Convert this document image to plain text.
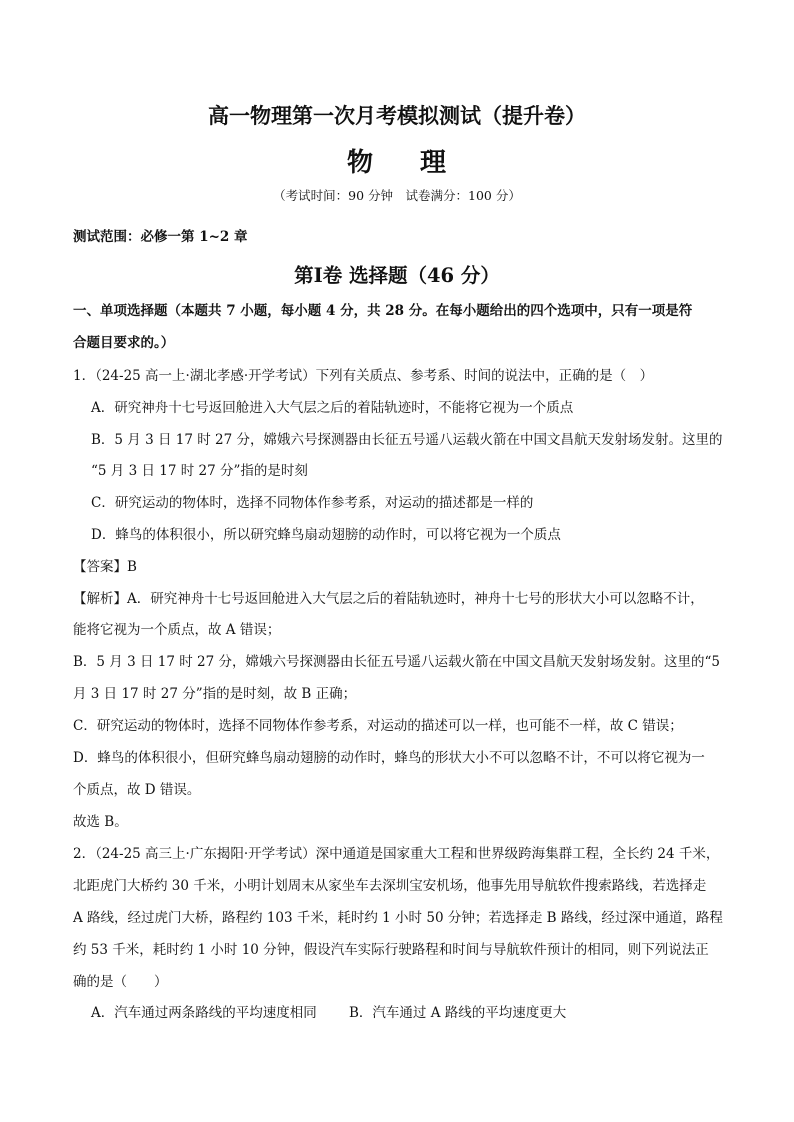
高一物理第一次月考模拟测试（提升卷）
物 理
（考试时间：90 分钟　试卷满分：100 分）
测试范围：必修一第 1~2 章
第Ⅰ卷 选择题（46 分）
一、单项选择题（本题共 7 小题，每小题 4 分，共 28 分。在每小题给出的四个选项中，只有一项是符
合题目要求的。）
1．（24-25 高一上·湖北孝感·开学考试）下列有关质点、参考系、时间的说法中，正确的是（　）
A．研究神舟十七号返回舱进入大气层之后的着陆轨迹时，不能将它视为一个质点
B．5 月 3 日 17 时 27 分，嫦娥六号探测器由长征五号遥八运载火箭在中国文昌航天发射场发射。这里的
“5 月 3 日 17 时 27 分”指的是时刻
C．研究运动的物体时，选择不同物体作参考系，对运动的描述都是一样的
D．蜂鸟的体积很小，所以研究蜂鸟扇动翅膀的动作时，可以将它视为一个质点
【答案】B
【解析】A．研究神舟十七号返回舱进入大气层之后的着陆轨迹时，神舟十七号的形状大小可以忽略不计，
能将它视为一个质点，故 A 错误；
B．5 月 3 日 17 时 27 分，嫦娥六号探测器由长征五号遥八运载火箭在中国文昌航天发射场发射。这里的“5
月 3 日 17 时 27 分”指的是时刻，故 B 正确；
C．研究运动的物体时，选择不同物体作参考系，对运动的描述可以一样，也可能不一样，故 C 错误；
D．蜂鸟的体积很小，但研究蜂鸟扇动翅膀的动作时，蜂鸟的形状大小不可以忽略不计，不可以将它视为一
个质点，故 D 错误。
故选 B。
2．（24-25 高三上·广东揭阳·开学考试）深中通道是国家重大工程和世界级跨海集群工程，全长约 24 千米，
北距虎门大桥约 30 千米，小明计划周末从家坐车去深圳宝安机场，他事先用导航软件搜索路线，若选择走
A 路线，经过虎门大桥，路程约 103 千米，耗时约 1 小时 50 分钟；若选择走 B 路线，经过深中通道，路程
约 53 千米，耗时约 1 小时 10 分钟，假设汽车实际行驶路程和时间与导航软件预计的相同，则下列说法正
确的是（　　）
A．汽车通过两条路线的平均速度相同 B．汽车通过 A 路线的平均速度更大
